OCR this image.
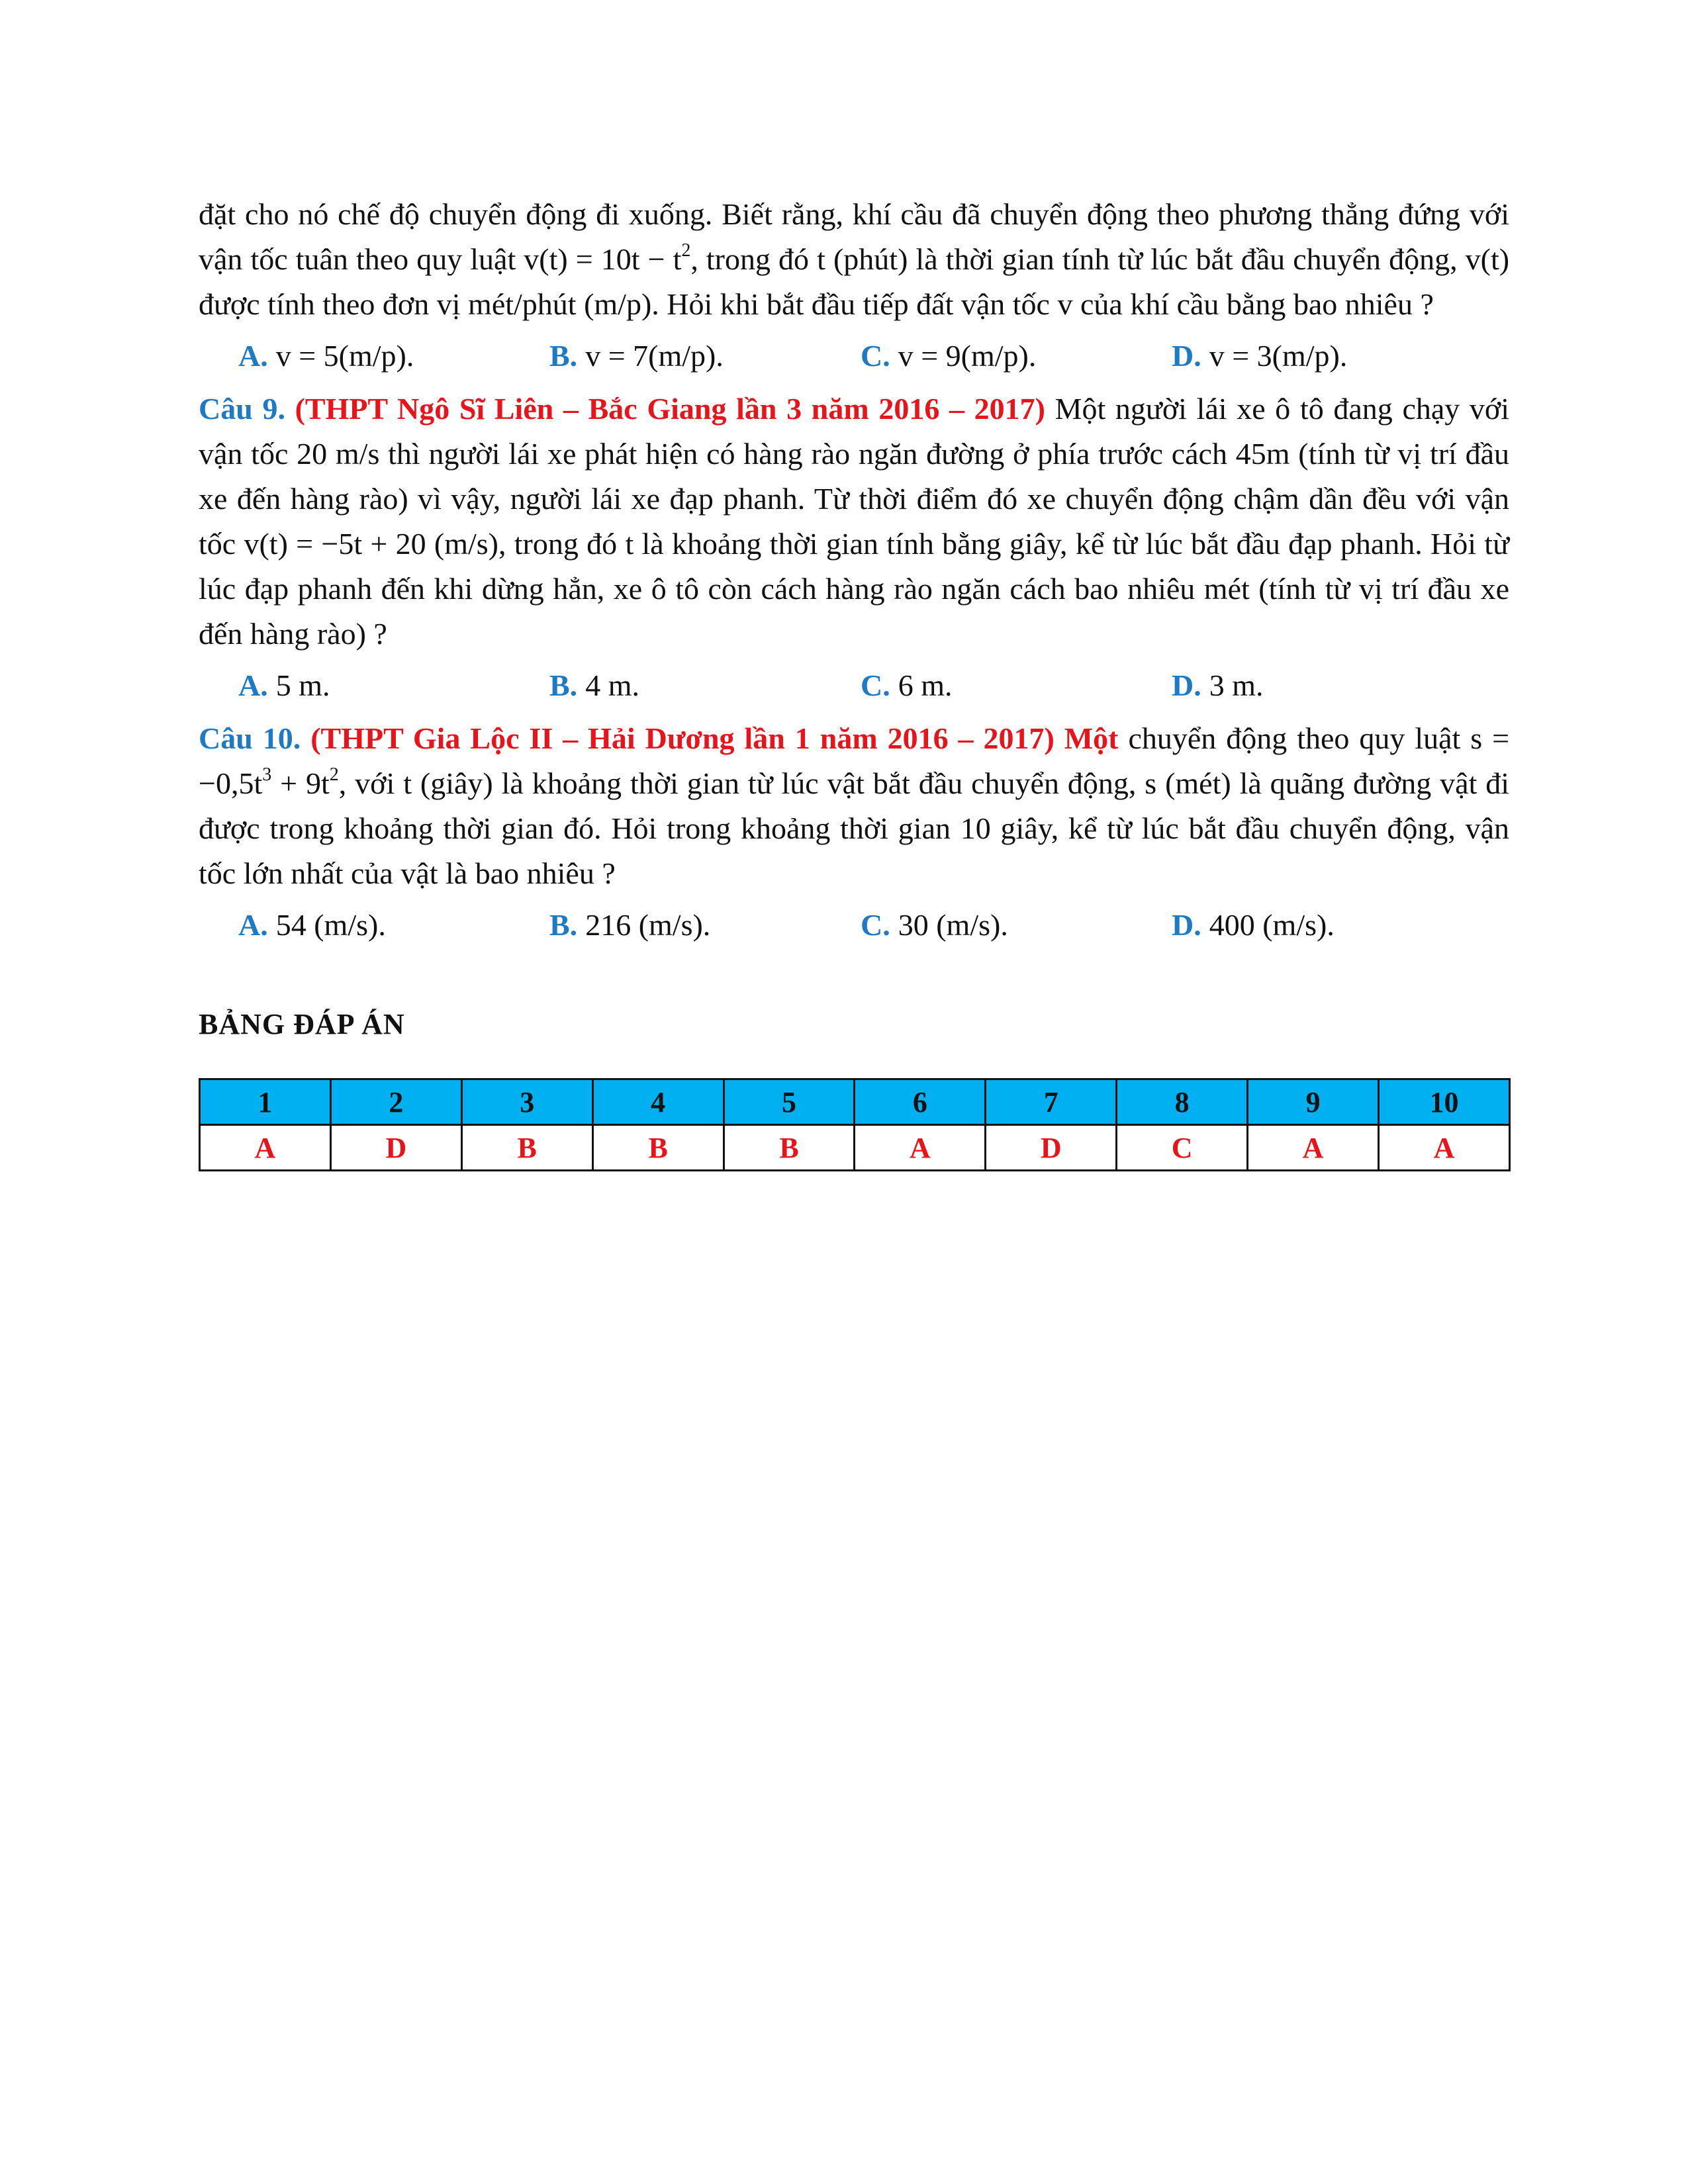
đặt cho nó chế độ chuyển động đi xuống. Biết rằng, khí cầu đã chuyển động theo phương thẳng đứng với vận tốc tuân theo quy luật $v(t) = 10t - t^2$, trong đó t (phút) là thời gian tính từ lúc bắt đầu chuyển động, v(t) được tính theo đơn vị mét/phút (m/p). Hỏi khi bắt đầu tiếp đất vận tốc v của khí cầu bằng bao nhiêu ?

A. v = 5(m/p).	B. v = 7(m/p).	C. v = 9(m/p).	D. v = 3(m/p).

Câu 9. (THPT Ngô Sĩ Liên – Bắc Giang lần 3 năm 2016 – 2017) Một người lái xe ô tô đang chạy với vận tốc 20 m/s thì người lái xe phát hiện có hàng rào ngăn đường ở phía trước cách 45m (tính từ vị trí đầu xe đến hàng rào) vì vậy, người lái xe đạp phanh. Từ thời điểm đó xe chuyển động chậm dần đều với vận tốc v(t) = −5t + 20 (m/s), trong đó t là khoảng thời gian tính bằng giây, kể từ lúc bắt đầu đạp phanh. Hỏi từ lúc đạp phanh đến khi dừng hẳn, xe ô tô còn cách hàng rào ngăn cách bao nhiêu mét (tính từ vị trí đầu xe đến hàng rào) ?

A. 5 m.	B. 4 m.	C. 6 m.	D. 3 m.

Câu 10. (THPT Gia Lộc II – Hải Dương lần 1 năm 2016 – 2017) Một chuyển động theo quy luật $s = -0,5t^3 + 9t^2$, với t (giây) là khoảng thời gian từ lúc vật bắt đầu chuyển động, s (mét) là quãng đường vật đi được trong khoảng thời gian đó. Hỏi trong khoảng thời gian 10 giây, kể từ lúc bắt đầu chuyển động, vận tốc lớn nhất của vật là bao nhiêu ?

A. 54 (m/s).	B. 216 (m/s).	C. 30 (m/s).	D. 400 (m/s).
BẢNG ĐÁP ÁN
1	2	3	4	5	6	7	8	9	10
A	D	B	B	B	A	D	C	A	A
